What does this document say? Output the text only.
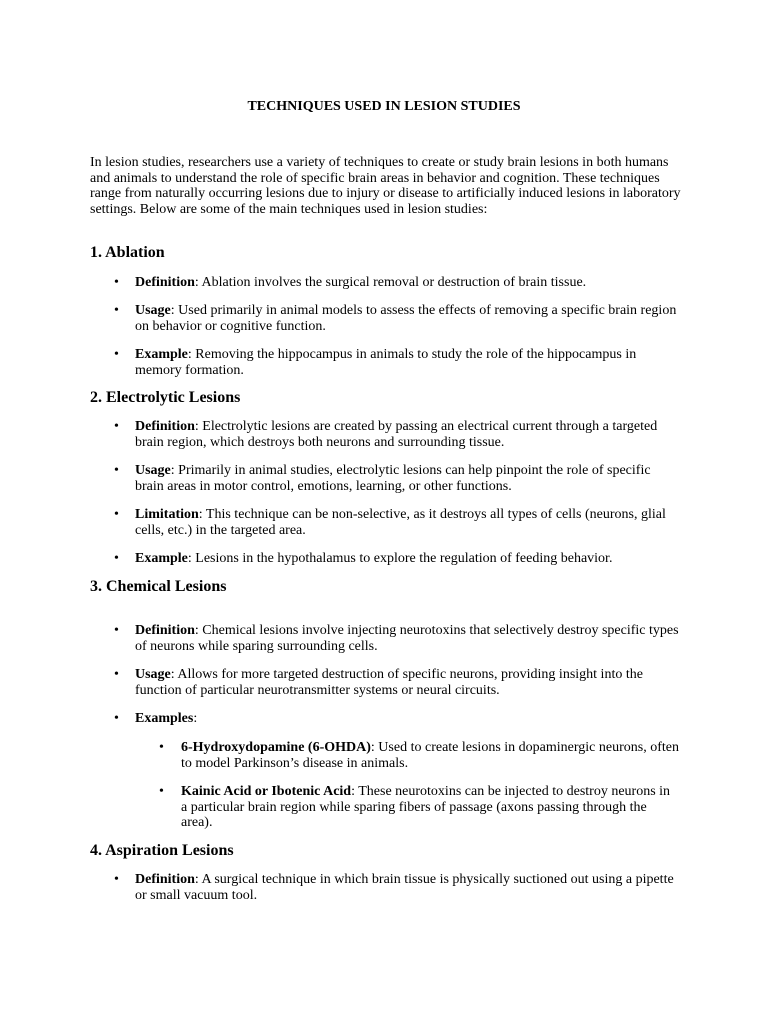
TECHNIQUES USED IN LESION STUDIES

In lesion studies, researchers use a variety of techniques to create or study brain lesions in both humans and animals to understand the role of specific brain areas in behavior and cognition. These techniques range from naturally occurring lesions due to injury or disease to artificially induced lesions in laboratory settings. Below are some of the main techniques used in lesion studies:

1. Ablation
• Definition: Ablation involves the surgical removal or destruction of brain tissue.
• Usage: Used primarily in animal models to assess the effects of removing a specific brain region on behavior or cognitive function.
• Example: Removing the hippocampus in animals to study the role of the hippocampus in memory formation.
2. Electrolytic Lesions
• Definition: Electrolytic lesions are created by passing an electrical current through a targeted brain region, which destroys both neurons and surrounding tissue.
• Usage: Primarily in animal studies, electrolytic lesions can help pinpoint the role of specific brain areas in motor control, emotions, learning, or other functions.
• Limitation: This technique can be non-selective, as it destroys all types of cells (neurons, glial cells, etc.) in the targeted area.
• Example: Lesions in the hypothalamus to explore the regulation of feeding behavior.
3. Chemical Lesions
• Definition: Chemical lesions involve injecting neurotoxins that selectively destroy specific types of neurons while sparing surrounding cells.
• Usage: Allows for more targeted destruction of specific neurons, providing insight into the function of particular neurotransmitter systems or neural circuits.
• Examples:
• 6-Hydroxydopamine (6-OHDA): Used to create lesions in dopaminergic neurons, often to model Parkinson’s disease in animals.
• Kainic Acid or Ibotenic Acid: These neurotoxins can be injected to destroy neurons in a particular brain region while sparing fibers of passage (axons passing through the area).
4. Aspiration Lesions
• Definition: A surgical technique in which brain tissue is physically suctioned out using a pipette or small vacuum tool.
